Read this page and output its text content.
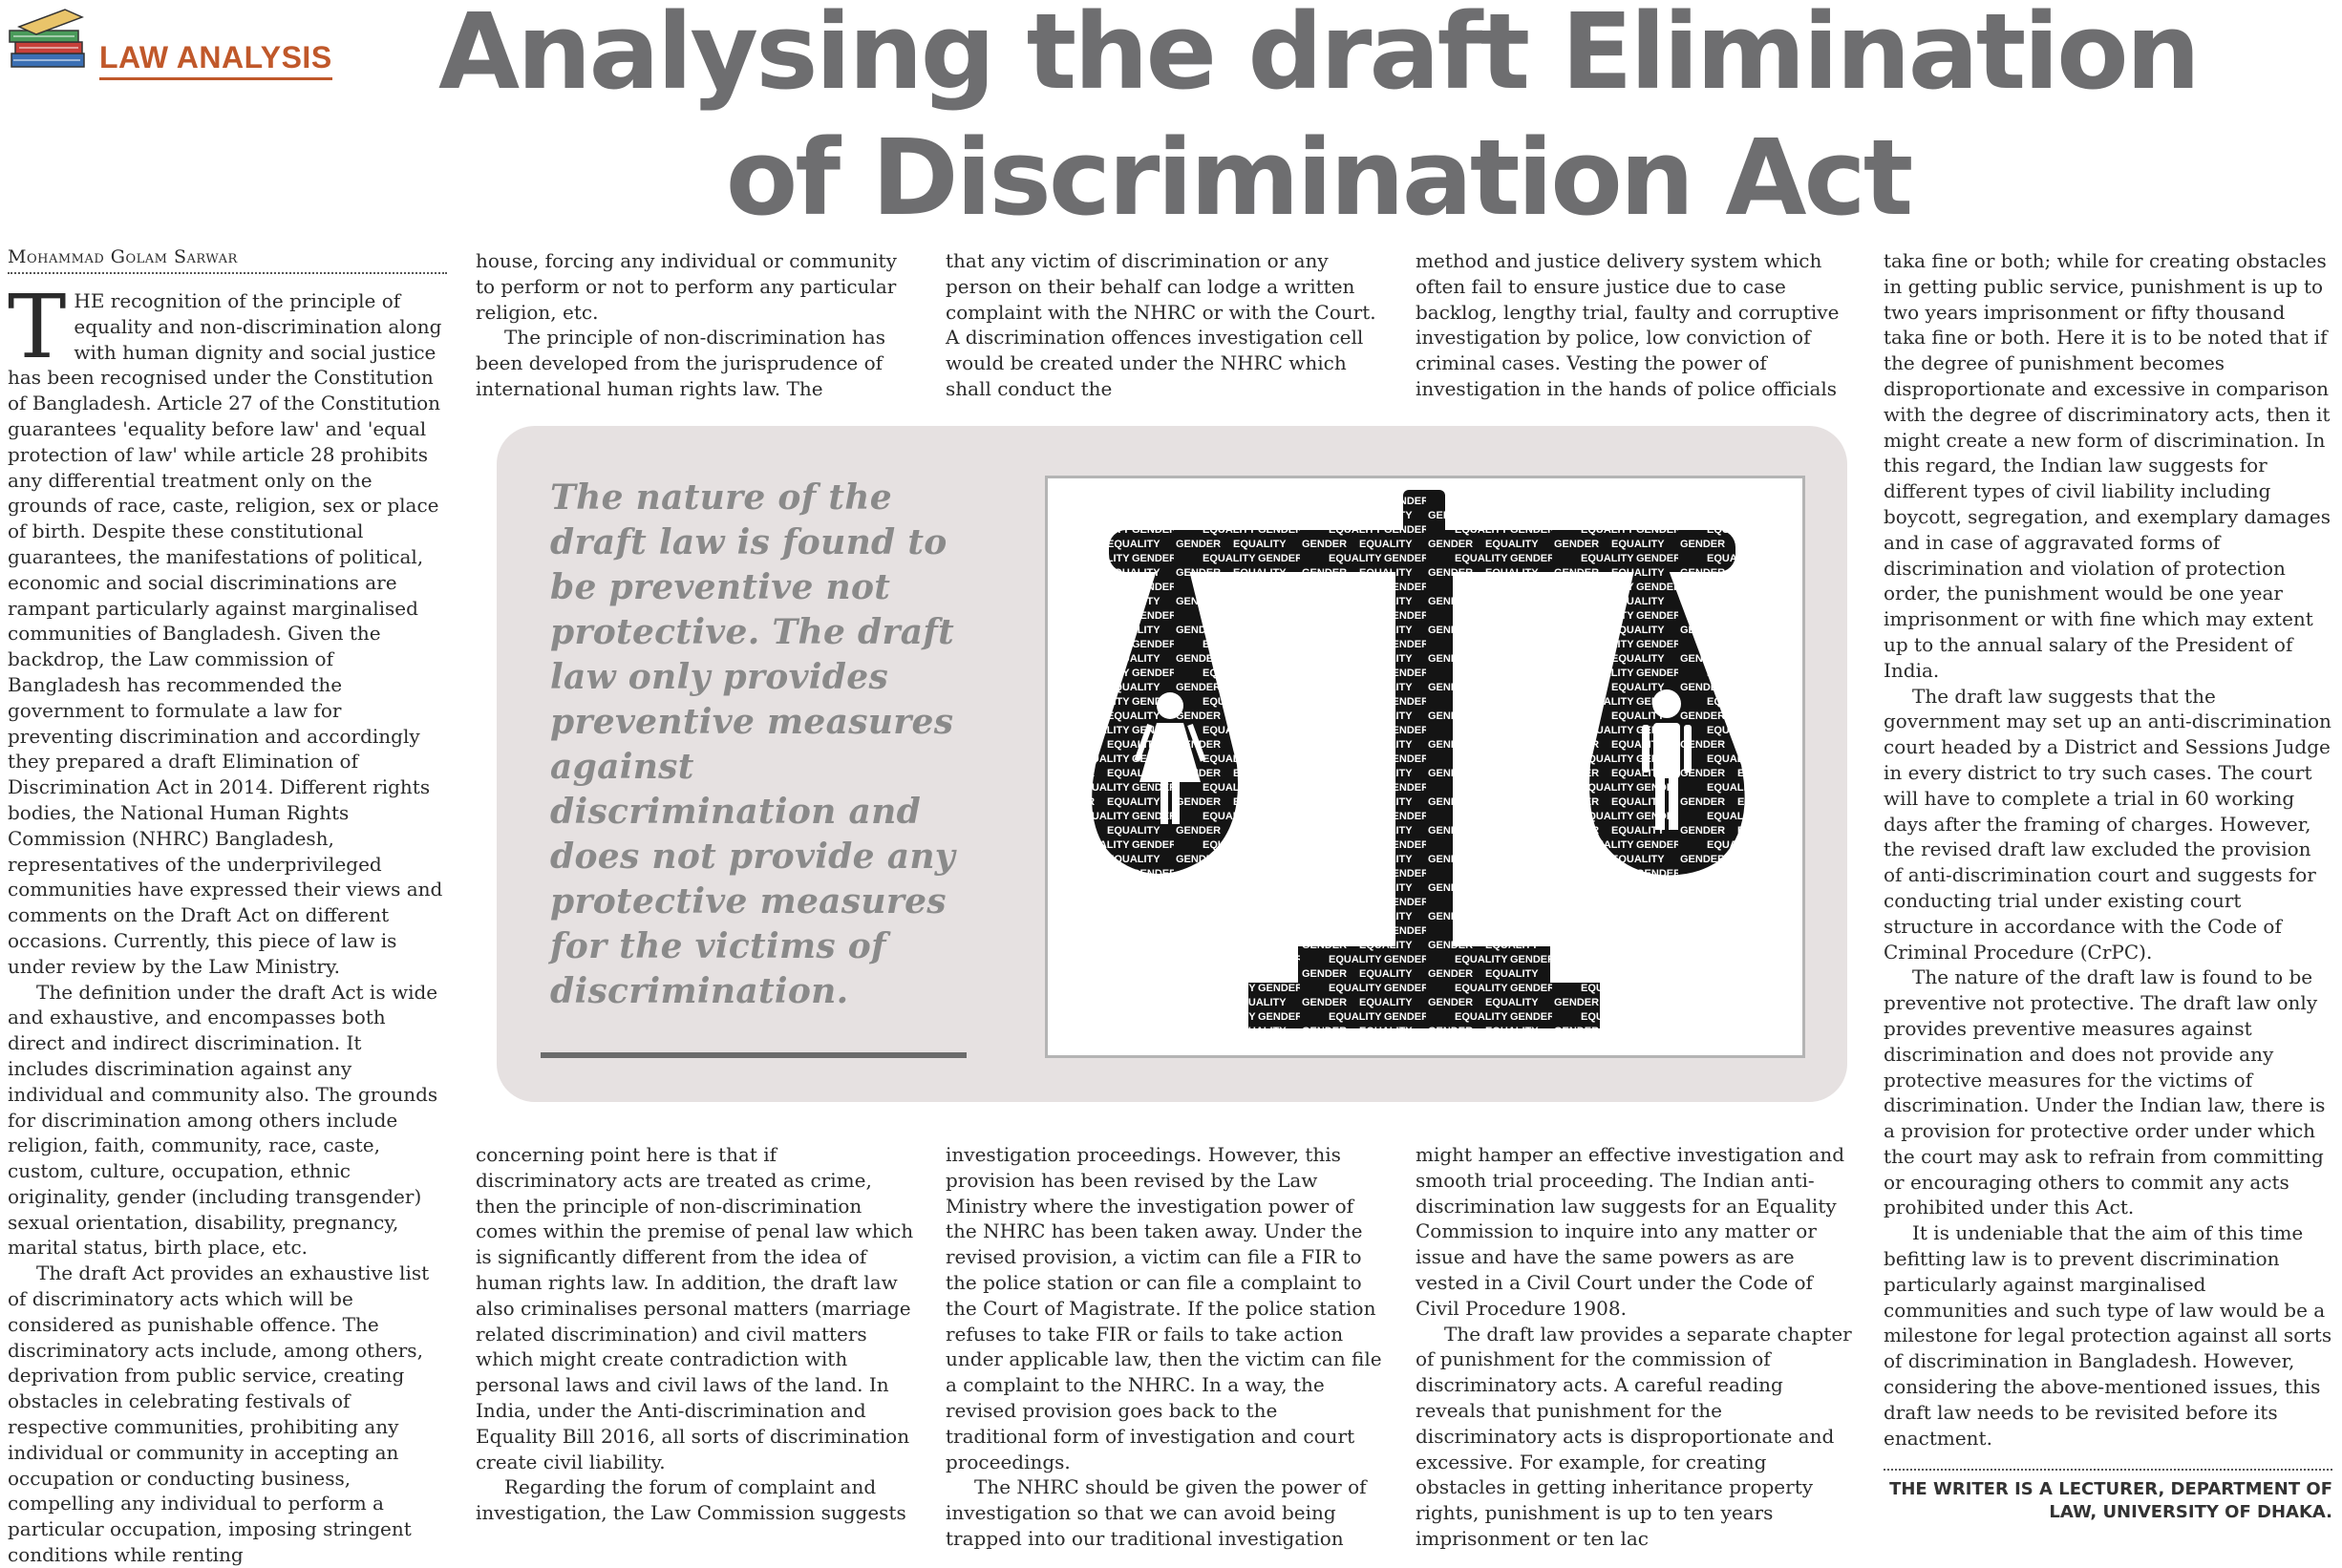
LAW ANALYSIS Analysing the draft Elimination of Discrimination Act
Mohammad Golam Sarwar

THE recognition of the principle of equality and non-discrimination along with human dignity and social justice has been recognised under the Constitution of Bangladesh. Article 27 of the Constitution guarantees 'equality before law' and 'equal protection of law' while article 28 prohibits any differential treatment only on the grounds of race, caste, religion, sex or place of birth. Despite these constitutional guarantees, the manifestations of political, economic and social discriminations are rampant particularly against marginalised communities of Bangladesh. Given the backdrop, the Law commission of Bangladesh has recommended the government to formulate a law for preventing discrimination and accordingly they prepared a draft Elimination of Discrimination Act in 2014. Different rights bodies, the National Human Rights Commission (NHRC) Bangladesh, representatives of the underprivileged communities have expressed their views and comments on the Draft Act on different occasions. Currently, this piece of law is under review by the Law Ministry.

The definition under the draft Act is wide and exhaustive, and encompasses both direct and indirect discrimination. It includes discrimination against any individual and community also. The grounds for discrimination among others include religion, faith, community, race, caste, custom, culture, occupation, ethnic originality, gender (including transgender) sexual orientation, disability, pregnancy, marital status, birth place, etc.

The draft Act provides an exhaustive list of discriminatory acts which will be considered as punishable offence. The discriminatory acts include, among others, deprivation from public service, creating obstacles in celebrating festivals of respective communities, prohibiting any individual or community in accepting an occupation or conducting business, compelling any individual to perform a particular occupation, imposing stringent conditions while renting

house, forcing any individual or community to perform or not to perform any particular religion, etc.

The principle of non-discrimination has been developed from the jurisprudence of international human rights law. The

that any victim of discrimination or any person on their behalf can lodge a written complaint with the NHRC or with the Court. A discrimination offences investigation cell would be created under the NHRC which shall conduct the

method and justice delivery system which often fail to ensure justice due to case backlog, lengthy trial, faulty and corruptive investigation by police, low conviction of criminal cases. Vesting the power of investigation in the hands of police officials

The nature of the draft law is found to be preventive not protective. The draft law only provides preventive measures against discrimination and does not provide any protective measures for the victims of discrimination.

concerning point here is that if discriminatory acts are treated as crime, then the principle of non-discrimination comes within the premise of penal law which is significantly different from the idea of human rights law. In addition, the draft law also criminalises personal matters (marriage related discrimination) and civil matters which might create contradiction with personal laws and civil laws of the land. In India, under the Anti-discrimination and Equality Bill 2016, all sorts of discrimination create civil liability.

Regarding the forum of complaint and investigation, the Law Commission suggests

investigation proceedings. However, this provision has been revised by the Law Ministry where the investigation power of the NHRC has been taken away. Under the revised provision, a victim can file a FIR to the police station or can file a complaint to the Court of Magistrate. If the police station refuses to take FIR or fails to take action under applicable law, then the victim can file a complaint to the NHRC. In a way, the revised provision goes back to the traditional form of investigation and court proceedings.

The NHRC should be given the power of investigation so that we can avoid being trapped into our traditional investigation

might hamper an effective investigation and smooth trial proceeding. The Indian anti-discrimination law suggests for an Equality Commission to inquire into any matter or issue and have the same powers as are vested in a Civil Court under the Code of Civil Procedure 1908.

The draft law provides a separate chapter of punishment for the commission of discriminatory acts. A careful reading reveals that punishment for the discriminatory acts is disproportionate and excessive. For example, for creating obstacles in getting inheritance property rights, punishment is up to ten years imprisonment or ten lac

taka fine or both; while for creating obstacles in getting public service, punishment is up to two years imprisonment or fifty thousand taka fine or both. Here it is to be noted that if the degree of punishment becomes disproportionate and excessive in comparison with the degree of discriminatory acts, then it might create a new form of discrimination. In this regard, the Indian law suggests for different types of civil liability including boycott, segregation, and exemplary damages and in case of aggravated forms of discrimination and violation of protection order, the punishment would be one year imprisonment or with fine which may extent up to the annual salary of the President of India.

The draft law suggests that the government may set up an anti-discrimination court headed by a District and Sessions Judge in every district to try such cases. The court will have to complete a trial in 60 working days after the framing of charges. However, the revised draft law excluded the provision of anti-discrimination court and suggests for conducting trial under existing court structure in accordance with the Code of Criminal Procedure (CrPC).

The nature of the draft law is found to be preventive not protective. The draft law only provides preventive measures against discrimination and does not provide any protective measures for the victims of discrimination. Under the Indian law, there is a provision for protective order under which the court may ask to refrain from committing or encouraging others to commit any acts prohibited under this Act.

It is undeniable that the aim of this time befitting law is to prevent discrimination particularly against marginalised communities and such type of law would be a milestone for legal protection against all sorts of discrimination in Bangladesh. However, considering the above-mentioned issues, this draft law needs to be revisited before its enactment.

THE WRITER IS A LECTURER, DEPARTMENT OF LAW, UNIVERSITY OF DHAKA.
